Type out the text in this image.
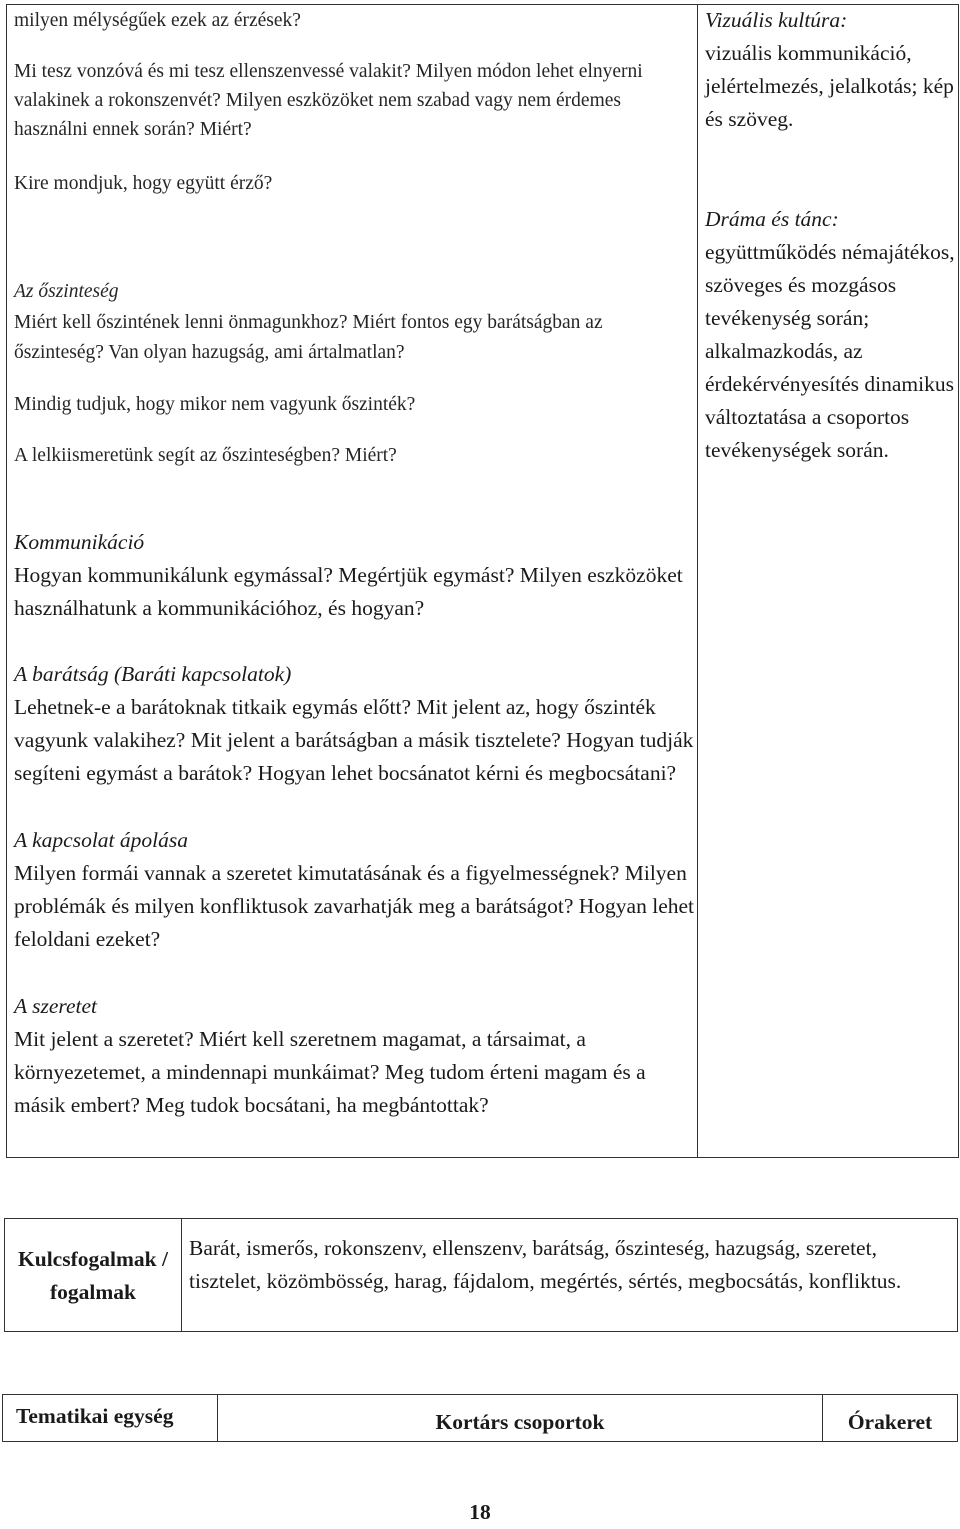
milyen mélységűek ezek az érzések?

Mi tesz vonzóvá és mi tesz ellenszenvessé valakit? Milyen módon lehet elnyerni valakinek a rokonszenvét? Milyen eszközöket nem szabad vagy nem érdemes használni ennek során? Miért?

Kire mondjuk, hogy együtt érző?

Az őszinteség

Miért kell őszintének lenni önmagunkhoz? Miért fontos egy barátságban az őszinteség? Van olyan hazugság, ami ártalmatlan?

Mindig tudjuk, hogy mikor nem vagyunk őszinték?

A lelkiismeretünk segít az őszinteségben? Miért?

Kommunikáció

Hogyan kommunikálunk egymással? Megértjük egymást? Milyen eszközöket használhatunk a kommunikációhoz, és hogyan?

A barátság (Baráti kapcsolatok)

Lehetnek-e a barátoknak titkaik egymás előtt? Mit jelent az, hogy őszinték vagyunk valakihez? Mit jelent a barátságban a másik tisztelete? Hogyan tudják segíteni egymást a barátok? Hogyan lehet bocsánatot kérni és megbocsátani?

A kapcsolat ápolása

Milyen formái vannak a szeretet kimutatásának és a figyelmességnek? Milyen problémák és milyen konfliktusok zavarhatják meg a barátságot? Hogyan lehet feloldani ezeket?

A szeretet

Mit jelent a szeretet? Miért kell szeretnem magamat, a társaimat, a környezetemet, a mindennapi munkáimat? Meg tudom érteni magam és a másik embert? Meg tudok bocsátani, ha megbántottak?

Vizuális kultúra:

vizuális kommunikáció, jelértelmezés, jelalkotás; kép és szöveg.

Dráma és tánc:

együttműködés némajátékos, szöveges és mozgásos tevékenység során; alkalmazkodás, az érdekérvényesítés dinamikus változtatása a csoportos tevékenységek során.

Kulcsfogalmak / fogalmak

Barát, ismerős, rokonszenv, ellenszenv, barátság, őszinteség, hazugság, szeretet, tisztelet, közömbösség, harag, fájdalom, megértés, sértés, megbocsátás, konfliktus.

Tematikai egység	Kortárs csoportok	Órakeret

18
